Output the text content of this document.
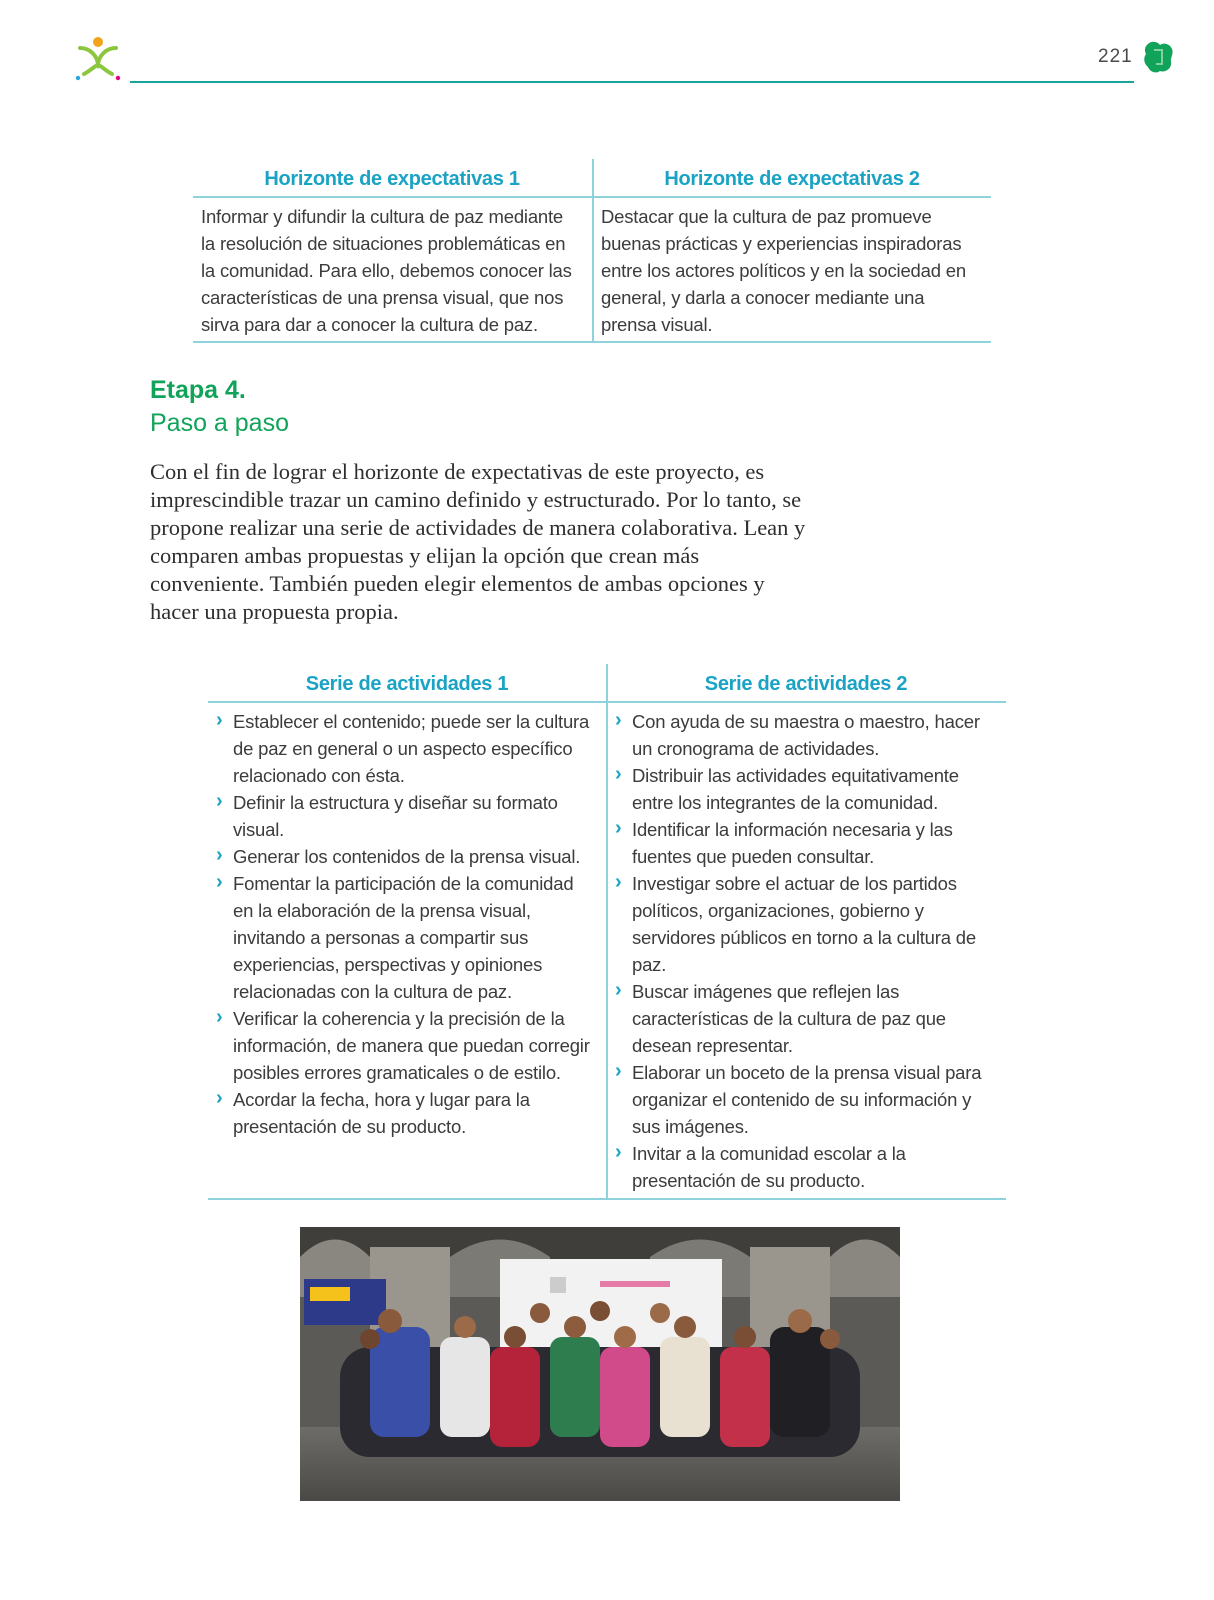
221
Horizonte de expectativas 1	Horizonte de expectativas 2
Informar y difundir la cultura de paz mediante la resolución de situaciones problemáticas en la comunidad. Para ello, debemos conocer las características de una prensa visual, que nos sirva para dar a conocer la cultura de paz.
Destacar que la cultura de paz promueve buenas prácticas y experiencias inspiradoras entre los actores políticos y en la sociedad en general, y darla a conocer mediante una prensa visual.
Etapa 4.
Paso a paso

Con el fin de lograr el horizonte de expectativas de este proyecto, es imprescindible trazar un camino definido y estructurado. Por lo tanto, se propone realizar una serie de actividades de manera colaborativa. Lean y comparen ambas propuestas y elijan la opción que crean más conveniente. También pueden elegir elementos de ambas opciones y hacer una propuesta propia.

Serie de actividades 1	Serie de actividades 2
› Establecer el contenido; puede ser la cultura de paz en general o un aspecto específico relacionado con ésta.
› Definir la estructura y diseñar su formato visual.
› Generar los contenidos de la prensa visual.
› Fomentar la participación de la comunidad en la elaboración de la prensa visual, invitando a personas a compartir sus experiencias, perspectivas y opiniones relacionadas con la cultura de paz.
› Verificar la coherencia y la precisión de la información, de manera que puedan corregir posibles errores gramaticales o de estilo.
› Acordar la fecha, hora y lugar para la presentación de su producto.
› Con ayuda de su maestra o maestro, hacer un cronograma de actividades.
› Distribuir las actividades equitativamente entre los integrantes de la comunidad.
› Identificar la información necesaria y las fuentes que pueden consultar.
› Investigar sobre el actuar de los partidos políticos, organizaciones, gobierno y servidores públicos en torno a la cultura de paz.
› Buscar imágenes que reflejen las características de la cultura de paz que desean representar.
› Elaborar un boceto de la prensa visual para organizar el contenido de su información y sus imágenes.
› Invitar a la comunidad escolar a la presentación de su producto.
